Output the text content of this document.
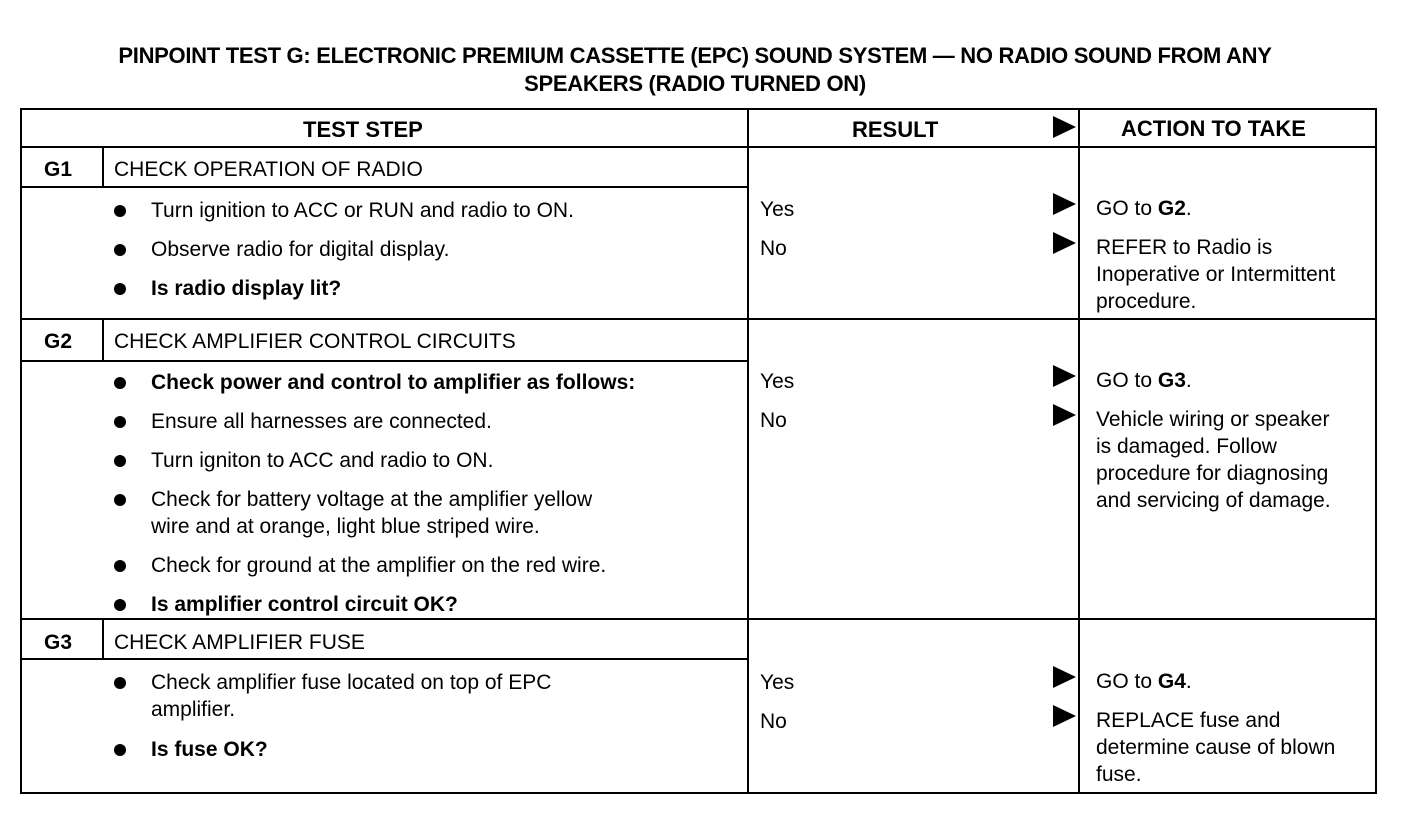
PINPOINT TEST G: ELECTRONIC PREMIUM CASSETTE (EPC) SOUND SYSTEM — NO RADIO SOUND FROM ANY
SPEAKERS (RADIO TURNED ON)
TEST STEP	RESULT	ACTION TO TAKE
G1 CHECK OPERATION OF RADIO
Turn ignition to ACC or RUN and radio to ON.
Observe radio for digital display.
Is radio display lit?
Yes
No
GO to G2.
REFER to Radio is
Inoperative or Intermittent
procedure.
G2 CHECK AMPLIFIER CONTROL CIRCUITS
Check power and control to amplifier as follows:
Ensure all harnesses are connected.
Turn igniton to ACC and radio to ON.
Check for battery voltage at the amplifier yellow
wire and at orange, light blue striped wire.
Check for ground at the amplifier on the red wire.
Is amplifier control circuit OK?
Yes
No
GO to G3.
Vehicle wiring or speaker
is damaged. Follow
procedure for diagnosing
and servicing of damage.
G3 CHECK AMPLIFIER FUSE
Check amplifier fuse located on top of EPC
amplifier.
Is fuse OK?
Yes
No
GO to G4.
REPLACE fuse and
determine cause of blown
fuse.
